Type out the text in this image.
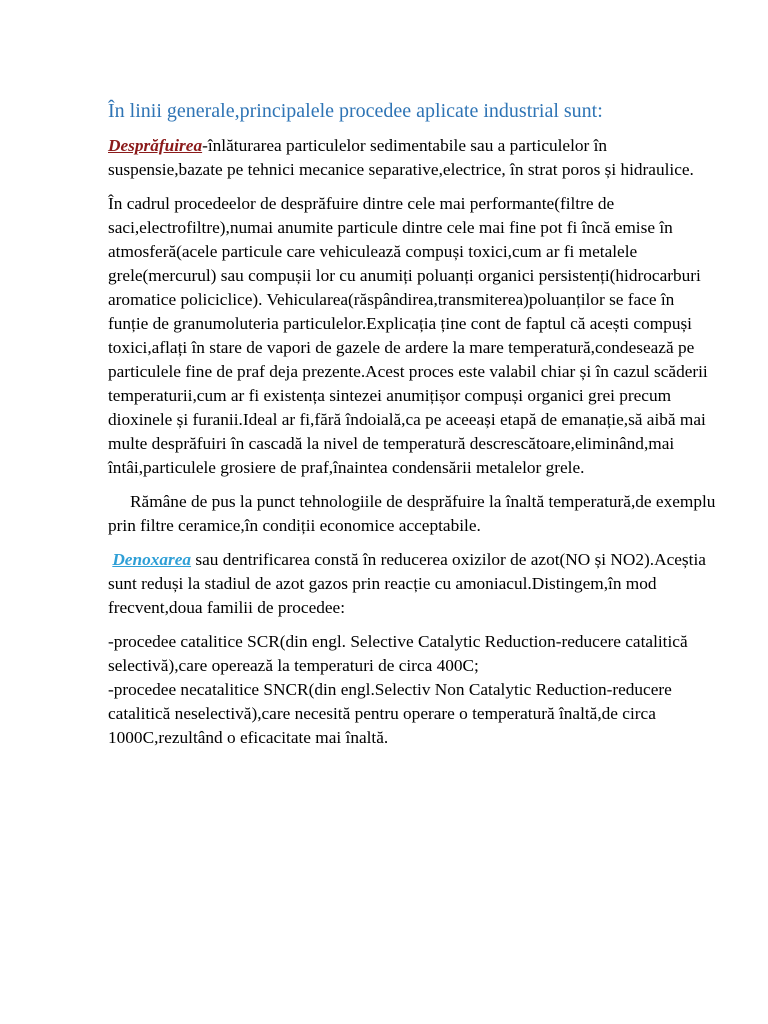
În linii generale,principalele procedee aplicate industrial sunt:

Desprăfuirea-înlăturarea particulelor sedimentabile sau a particulelor în suspensie,bazate pe tehnici mecanice separative,electrice, în strat poros și hidraulice.

În cadrul procedeelor de desprăfuire dintre cele mai performante(filtre de saci,electrofiltre),numai anumite particule dintre cele mai fine pot fi încă emise în atmosferă(acele particule care vehiculează compuși toxici,cum ar fi metalele grele(mercurul) sau compușii lor cu anumiți poluanți organici persistenți(hidrocarburi aromatice policiclice). Vehicularea(răspândirea,transmiterea)poluanților se face în funție de granumoluteria particulelor.Explicația ține cont de faptul că acești compuși toxici,aflați în stare de vapori de gazele de ardere la mare temperatură,condesează pe particulele fine de praf deja prezente.Acest proces este valabil chiar și în cazul scăderii temperaturii,cum ar fi existența sintezei anumițișor compuși organici grei precum dioxinele și furanii.Ideal ar fi,fără îndoială,ca pe aceeași etapă de emanație,să aibă mai multe desprăfuiri în cascadă la nivel de temperatură descrescătoare,eliminând,mai întâi,particulele grosiere de praf,înaintea condensării metalelor grele.

Rămâne de pus la punct tehnologiile de desprăfuire la înaltă temperatură,de exemplu prin filtre ceramice,în condiții economice acceptabile.

Denoxarea sau dentrificarea constă în reducerea oxizilor de azot(NO și NO2).Aceștia sunt reduși la stadiul de azot gazos prin reacție cu amoniacul.Distingem,în mod frecvent,doua familii de procedee:

-procedee catalitice SCR(din engl. Selective Catalytic Reduction-reducere catalitică selectivă),care operează la temperaturi de circa 400C;

-procedee necatalitice SNCR(din engl.Selectiv Non Catalytic Reduction-reducere catalitică neselectivă),care necesită pentru operare o temperatură înaltă,de circa 1000C,rezultând o eficacitate mai înaltă.
